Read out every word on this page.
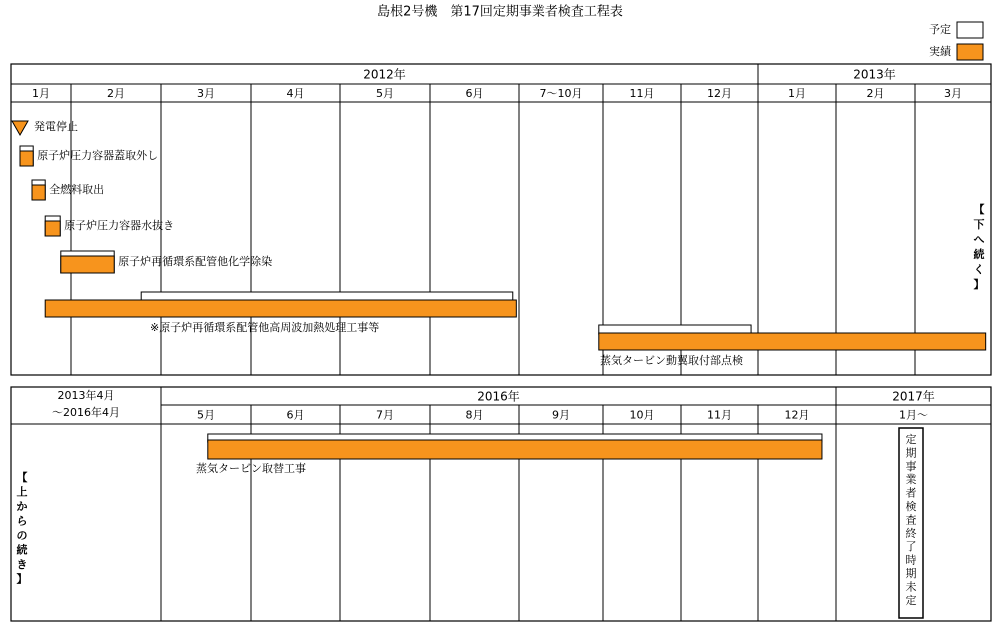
島根2号機　第17回定期事業者検査工程表
予定
実績
2012年	2013年
1月	2月	3月	4月	5月	6月	7～10月	11月	12月	1月	2月	3月
発電停止
原子炉圧力容器蓋取外し
全燃料取出
原子炉圧力容器水抜き
原子炉再循環系配管他化学除染
※原子炉再循環系配管他高周波加熱処理工事等
蒸気タービン動翼取付部点検
【
下
へ
続
く
】
2013年4月
～2016年4月
2016年	2017年
5月	6月	7月	8月	9月	10月	11月	12月	1月～
蒸気タービン取替工事
定
期
事
業
者
検
査
終
了
時
期
未
定
【
上
か
ら
の
続
き
】
